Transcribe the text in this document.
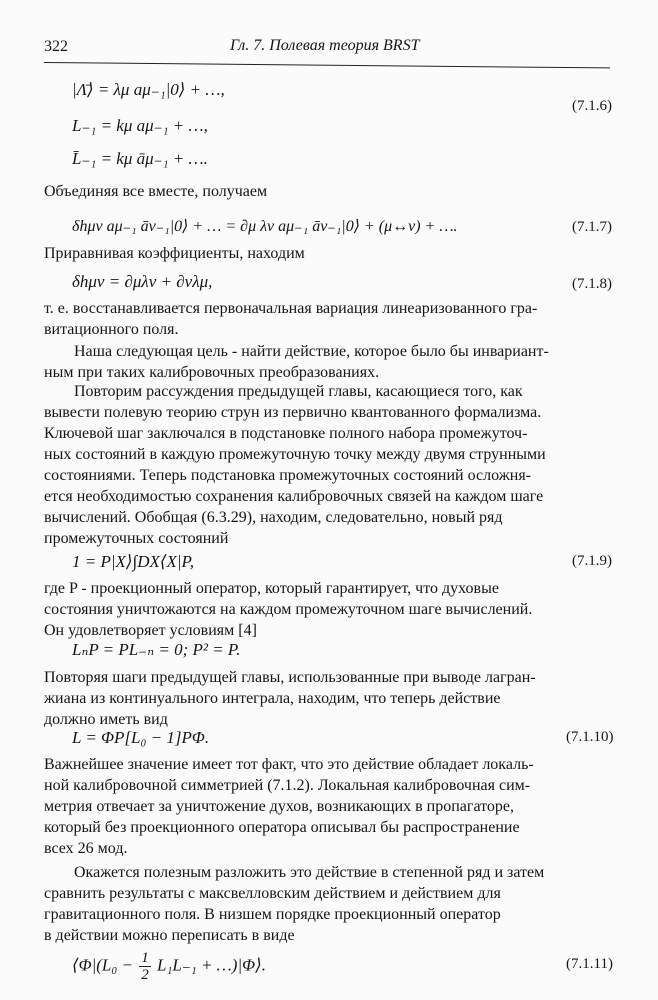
322	Гл. 7. Полевая теория BRST
|Λ̄⟩ = λμ aμ₋₁|0⟩ + …,
(7.1.6)
L₋₁ = kμ aμ₋₁ + …,
L̄₋₁ = kμ āμ₋₁ + ….
Объединяя все вместе, получаем
δhμν aμ₋₁ āν₋₁|0⟩ + … = ∂μ λν aμ₋₁ āν₋₁|0⟩ + (μ↔ν) + ….	(7.1.7)
Приравнивая коэффициенты, находим
δhμν = ∂μλν + ∂νλμ,	(7.1.8)
т. е. восстанавливается первоначальная вариация линеаризованного гра-
витационного поля.
Наша следующая цель - найти действие, которое было бы инвариант-
ным при таких калибровочных преобразованиях.
Повторим рассуждения предыдущей главы, касающиеся того, как
вывести полевую теорию струн из первично квантованного формализма.
Ключевой шаг заключался в подстановке полного набора промежуточ-
ных состояний в каждую промежуточную точку между двумя струнными
состояниями. Теперь подстановка промежуточных состояний осложня-
ется необходимостью сохранения калибровочных связей на каждом шаге
вычислений. Обобщая (6.3.29), находим, следовательно, новый ряд
промежуточных состояний
1 = P|X⟩∫DX⟨X|P,	(7.1.9)
где P - проекционный оператор, который гарантирует, что духовые
состояния уничтожаются на каждом промежуточном шаге вычислений.
Он удовлетворяет условиям [4]
LₙP = PL₋ₙ = 0; P² = P.
Повторяя шаги предыдущей главы, использованные при выводе лагран-
жиана из континуального интеграла, находим, что теперь действие
должно иметь вид
L = ΦP[L₀ − 1]PΦ.	(7.1.10)
Важнейшее значение имеет тот факт, что это действие обладает локаль-
ной калибровочной симметрией (7.1.2). Локальная калибровочная сим-
метрия отвечает за уничтожение духов, возникающих в пропагаторе,
который без проекционного оператора описывал бы распространение
всех 26 мод.
Окажется полезным разложить это действие в степенной ряд и затем
сравнить результаты с максвелловским действием и действием для
гравитационного поля. В низшем порядке проекционный оператор
в действии можно переписать в виде
⟨Φ|(L₀ − $\frac{1}{2} L_1L_{-1}$ + …)|Φ⟩.	(7.1.11)
